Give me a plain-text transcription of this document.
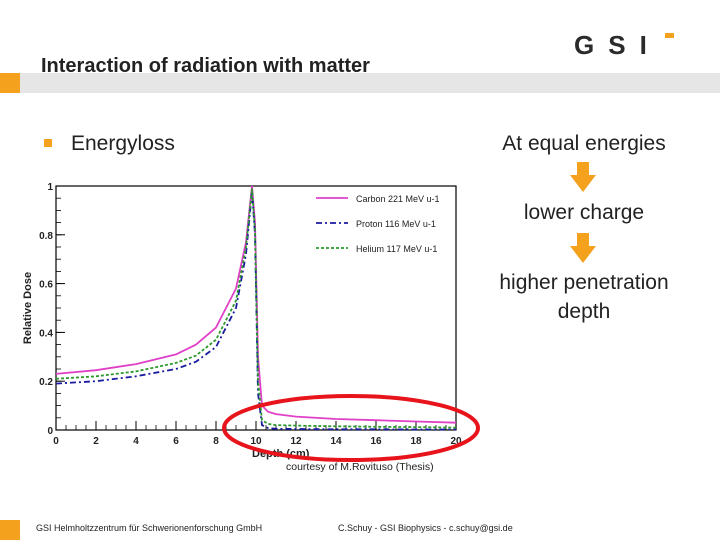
Interaction of radiation with matter
GSI
Energyloss	At equal energies
lower charge
higher penetration
depth
0
0.2
0.4
0.6
0.8
1
0	2	4	6	8	10	12	14	16	18	20
Carbon 221 MeV u-1
Proton 116 MeV u-1
Helium 117 MeV u-1
Depth (cm)
Relative Dose
courtesy of M.Rovituso (Thesis)
GSI Helmholtzzentrum für Schwerionenforschung GmbH	C.Schuy - GSI Biophysics - c.schuy@gsi.de
